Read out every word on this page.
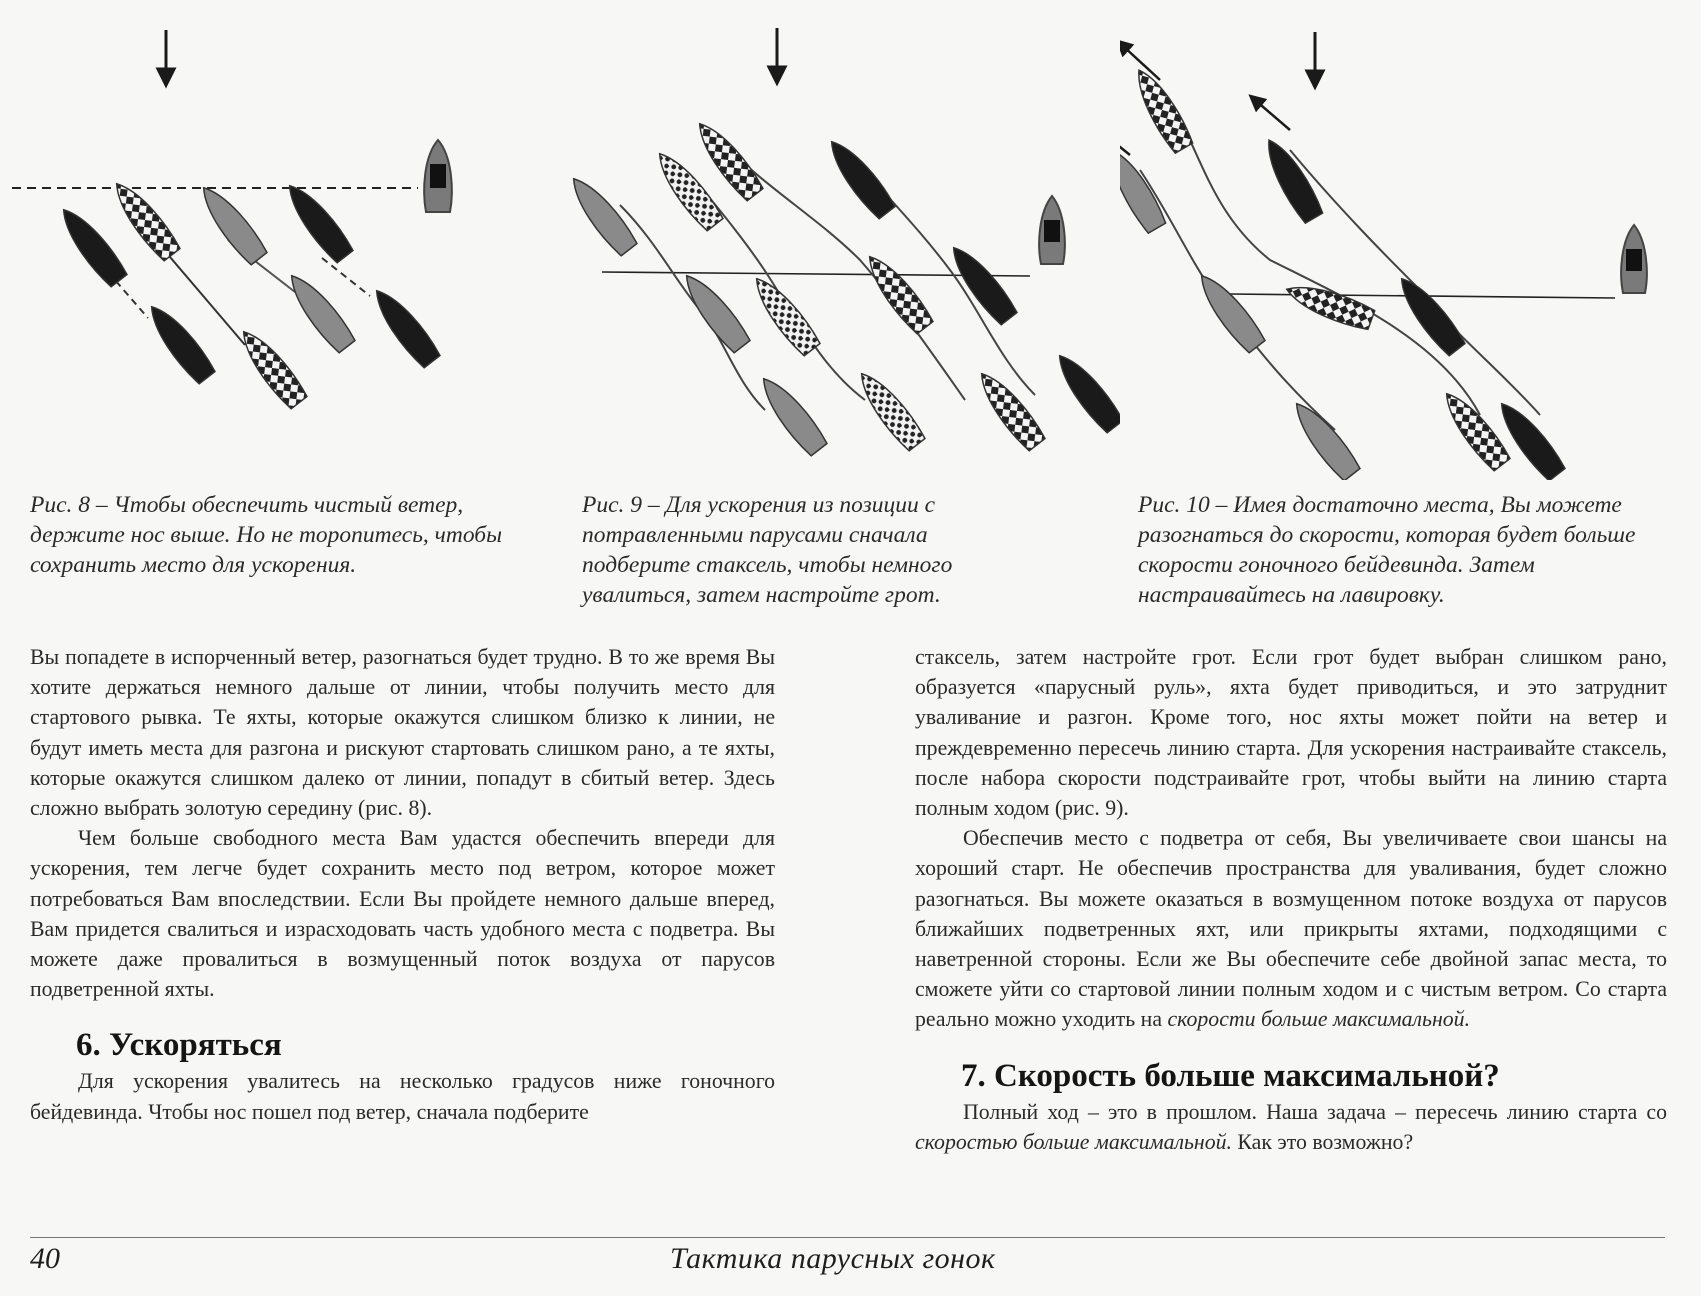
Рис. 8 – Чтобы обеспечить чистый ветер, держите нос выше. Но не торопитесь, чтобы сохранить место для ускорения.
Рис. 9 – Для ускорения из позиции с потравленными парусами сначала подберите стаксель, чтобы немного увалиться, затем настройте грот.
Рис. 10 – Имея достаточно места, Вы можете разогнаться до скорости, которая будет больше скорости гоночного бейдевинда. Затем настраивайтесь на лавировку.

Вы попадете в испорченный ветер, разогнаться будет трудно. В то же время Вы хотите держаться немного дальше от линии, чтобы получить место для стартового рывка. Те яхты, которые окажутся слишком близко к линии, не будут иметь места для разгона и рискуют стартовать слишком рано, а те яхты, которые окажутся слишком далеко от линии, попадут в сбитый ветер. Здесь сложно выбрать золотую середину (рис. 8).

Чем больше свободного места Вам удастся обеспечить впереди для ускорения, тем легче будет сохранить место под ветром, которое может потребоваться Вам впоследствии. Если Вы пройдете немного дальше вперед, Вам придется свалиться и израсходовать часть удобного места с подветра. Вы можете даже провалиться в возмущенный поток воздуха от парусов подветренной яхты.

6. Ускоряться

Для ускорения увалитесь на несколько градусов ниже гоночного бейдевинда. Чтобы нос пошел под ветер, сначала подберите

стаксель, затем настройте грот. Если грот будет выбран слишком рано, образуется «парусный руль», яхта будет приводиться, и это затруднит уваливание и разгон. Кроме того, нос яхты может пойти на ветер и преждевременно пересечь линию старта. Для ускорения настраивайте стаксель, после набора скорости подстраивайте грот, чтобы выйти на линию старта полным ходом (рис. 9).

Обеспечив место с подветра от себя, Вы увеличиваете свои шансы на хороший старт. Не обеспечив пространства для уваливания, будет сложно разогнаться. Вы можете оказаться в возмущенном потоке воздуха от парусов ближайших подветренных яхт, или прикрыты яхтами, подходящими с наветренной стороны. Если же Вы обеспечите себе двойной запас места, то сможете уйти со стартовой линии полным ходом и с чистым ветром. Со старта реально можно уходить на скорости больше максимальной.

7. Скорость больше максимальной?

Полный ход – это в прошлом. Наша задача – пересечь линию старта со скоростью больше максимальной. Как это возможно?

40	Тактика парусных гонок
